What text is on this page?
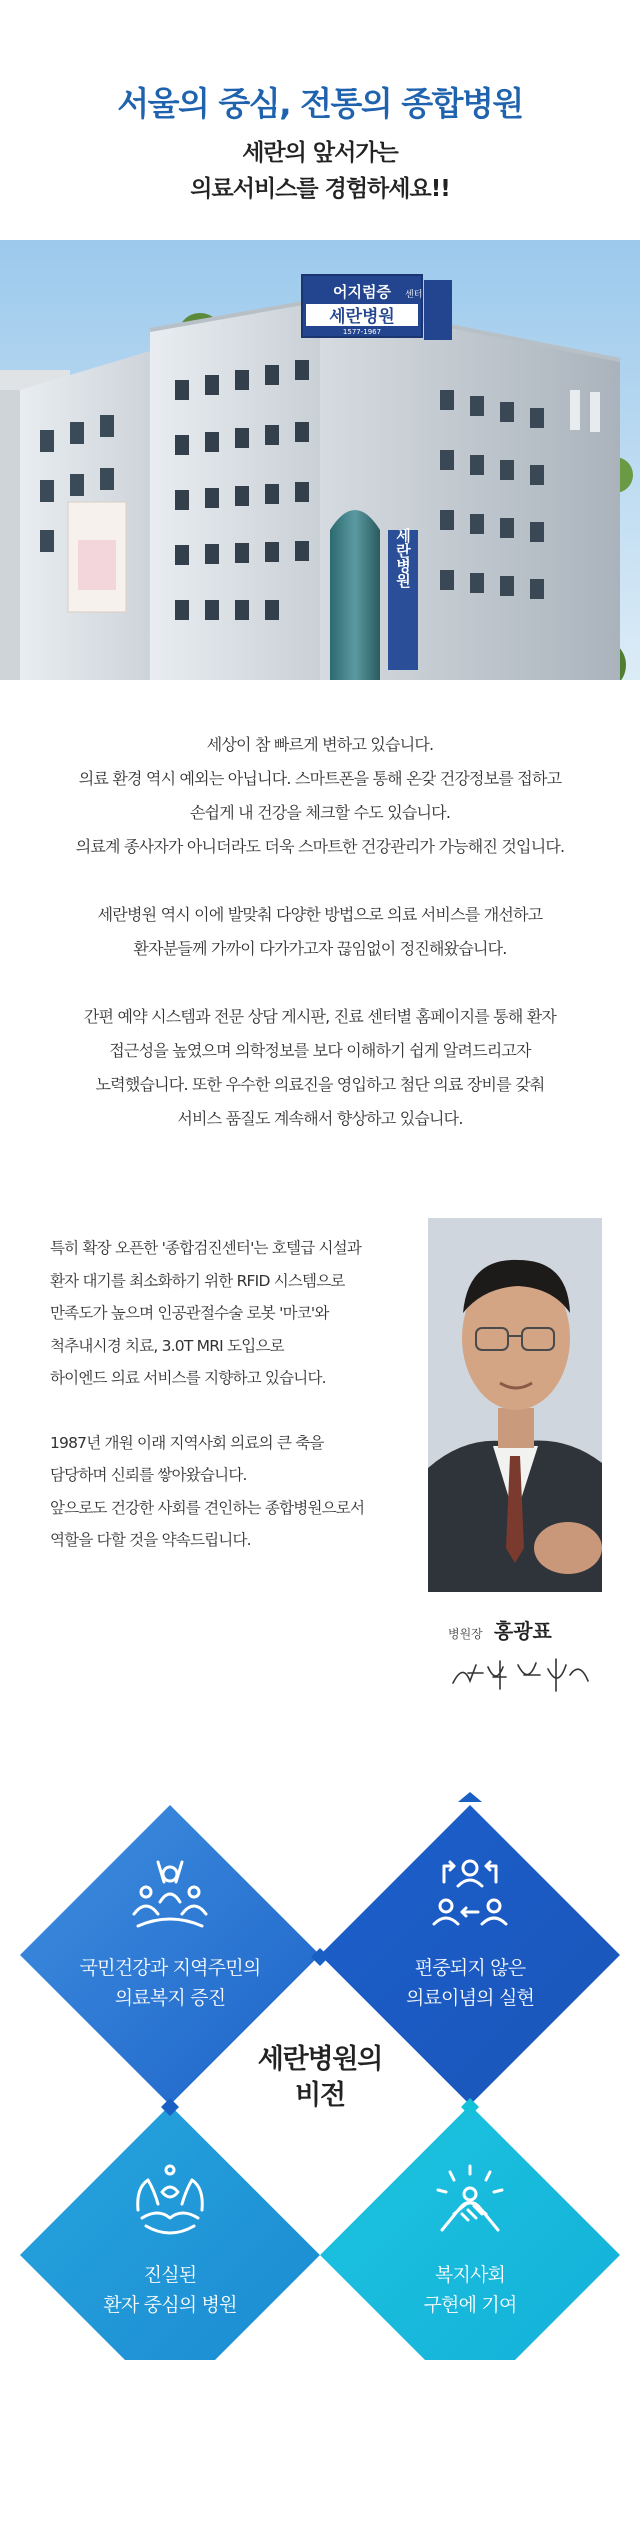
서울의 중심, 전통의 종합병원
세란의 앞서가는
의료서비스를 경험하세요!!
어지럼증 센터
세란병원
1577-1967
세란병원

세상이 참 빠르게 변하고 있습니다.
의료 환경 역시 예외는 아닙니다. 스마트폰을 통해 온갖 건강정보를 접하고
손쉽게 내 건강을 체크할 수도 있습니다.
의료계 종사자가 아니더라도 더욱 스마트한 건강관리가 가능해진 것입니다.

세란병원 역시 이에 발맞춰 다양한 방법으로 의료 서비스를 개선하고
환자분들께 가까이 다가가고자 끊임없이 정진해왔습니다.

간편 예약 시스템과 전문 상담 게시판, 진료 센터별 홈페이지를 통해 환자
접근성을 높였으며 의학정보를 보다 이해하기 쉽게 알려드리고자
노력했습니다. 또한 우수한 의료진을 영입하고 첨단 의료 장비를 갖춰
서비스 품질도 계속해서 향상하고 있습니다.

특히 확장 오픈한 '종합검진센터'는 호텔급 시설과
환자 대기를 최소화하기 위한 RFID 시스템으로
만족도가 높으며 인공관절수술 로봇 '마코'와
척추내시경 치료, 3.0T MRI 도입으로
하이엔드 의료 서비스를 지향하고 있습니다.

1987년 개원 이래 지역사회 의료의 큰 축을
담당하며 신뢰를 쌓아왔습니다.
앞으로도 건강한 사회를 견인하는 종합병원으로서
역할을 다할 것을 약속드립니다.

병원장 홍광표
국민건강과 지역주민의
의료복지 증진
편중되지 않은
의료이념의 실현
진실된
환자 중심의 병원
복지사회
구현에 기여
세란병원의
비전
